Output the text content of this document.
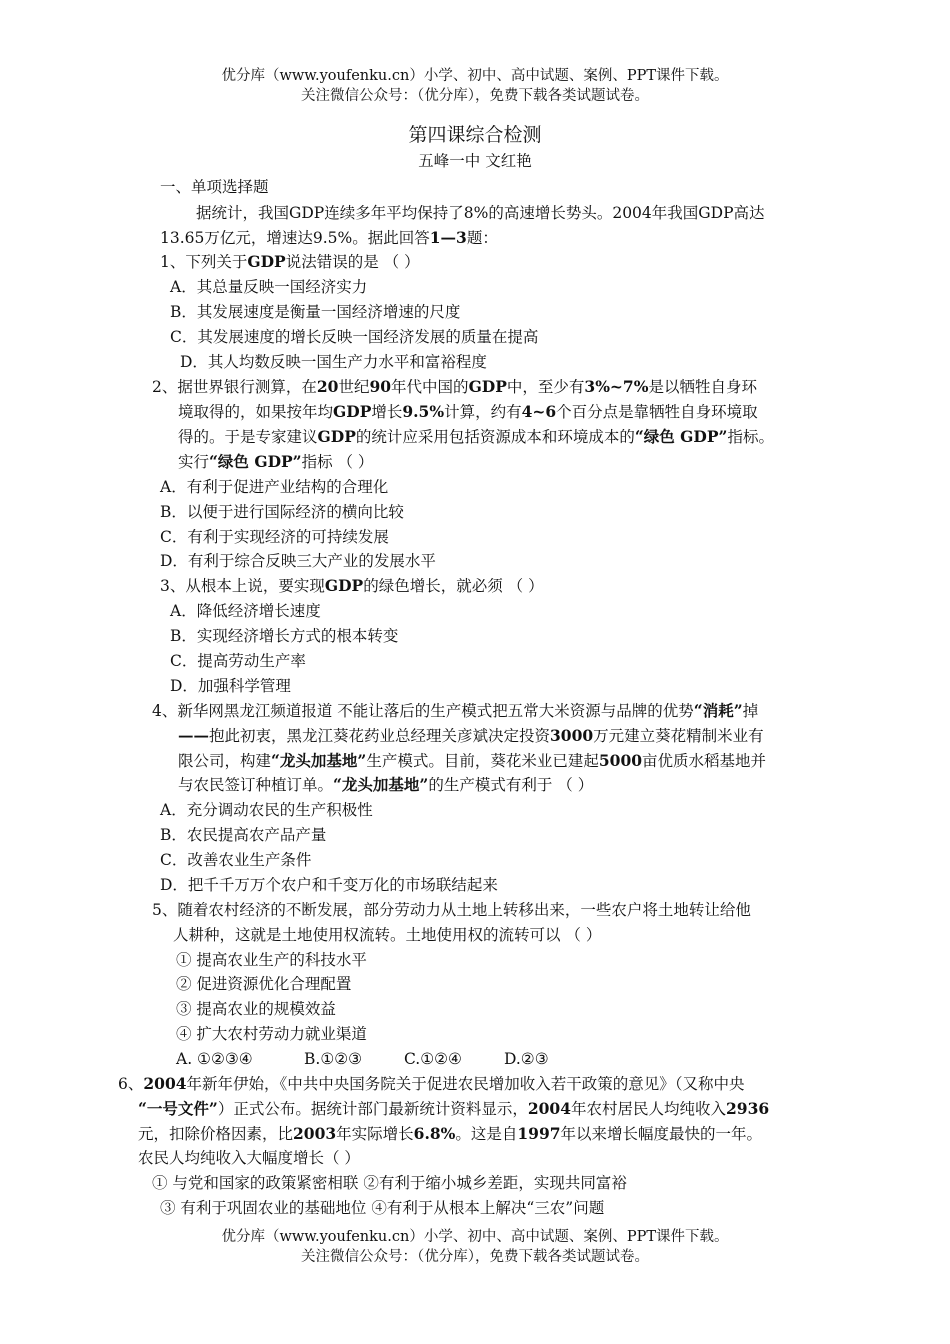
优分库（www.youfenku.cn）小学、初中、高中试题、案例、PPT课件下载。
关注微信公众号：（优分库），免费下载各类试题试卷。
第四课综合检测
五峰一中 文红艳
一、单项选择题
据统计，我国GDP连续多年平均保持了8%的高速增长势头。2004年我国GDP高达
13.65万亿元，增速达9.5%。据此回答1—3题：
1、下列关于GDP说法错误的是 （ ）
A．其总量反映一国经济实力
B．其发展速度是衡量一国经济增速的尺度
C．其发展速度的增长反映一国经济发展的质量在提高
D．其人均数反映一国生产力水平和富裕程度
2、据世界银行测算，在20世纪90年代中国的GDP中，至少有3%~7%是以牺牲自身环
境取得的，如果按年均GDP增长9.5%计算，约有4~6个百分点是靠牺牲自身环境取
得的。于是专家建议GDP的统计应采用包括资源成本和环境成本的“绿色 GDP”指标。
实行“绿色 GDP”指标 （ ）
A．有利于促进产业结构的合理化
B．以便于进行国际经济的横向比较
C．有利于实现经济的可持续发展
D．有利于综合反映三大产业的发展水平
3、从根本上说，要实现GDP的绿色增长，就必须 （ ）
A．降低经济增长速度
B．实现经济增长方式的根本转变
C．提高劳动生产率
D．加强科学管理
4、新华网黑龙江频道报道 不能让落后的生产模式把五常大米资源与品牌的优势“消耗”掉
——抱此初衷，黑龙江葵花药业总经理关彦斌决定投资3000万元建立葵花精制米业有
限公司，构建“龙头加基地”生产模式。目前，葵花米业已建起5000亩优质水稻基地并
与农民签订种植订单。“龙头加基地”的生产模式有利于 （ ）
A．充分调动农民的生产积极性
B．农民提高农产品产量
C．改善农业生产条件
D．把千千万万个农户和千变万化的市场联结起来
5、随着农村经济的不断发展，部分劳动力从土地上转移出来，一些农户将土地转让给他
人耕种，这就是土地使用权流转。土地使用权的流转可以 （ ）
① 提高农业生产的科技水平
② 促进资源优化合理配置
③ 提高农业的规模效益
④ 扩大农村劳动力就业渠道
A. ①②③④	B.①②③	C.①②④	D.②③
6、2004年新年伊始，《中共中央国务院关于促进农民增加收入若干政策的意见》（又称中央
“一号文件”）正式公布。据统计部门最新统计资料显示，2004年农村居民人均纯收入2936
元，扣除价格因素，比2003年实际增长6.8%。这是自1997年以来增长幅度最快的一年。
农民人均纯收入大幅度增长（ ）
① 与党和国家的政策紧密相联 ②有利于缩小城乡差距，实现共同富裕
③ 有利于巩固农业的基础地位 ④有利于从根本上解决“三农”问题
优分库（www.youfenku.cn）小学、初中、高中试题、案例、PPT课件下载。
关注微信公众号：（优分库），免费下载各类试题试卷。
